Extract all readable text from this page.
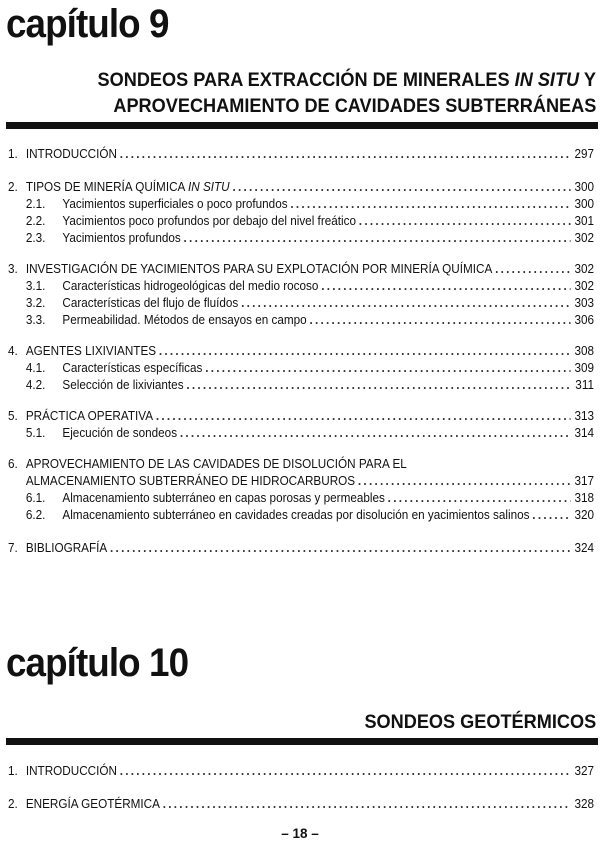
capítulo 9
SONDEOS PARA EXTRACCIÓN DE MINERALES IN SITU Y
APROVECHAMIENTO DE CAVIDADES SUBTERRÁNEAS
1. INTRODUCCIÓN .....	297
2. TIPOS DE MINERÍA QUÍMICA IN SITU .....	300
2.1.	Yacimientos superficiales o poco profundos .....	300
2.2.	Yacimientos poco profundos por debajo del nivel freático .....	301
2.3.	Yacimientos profundos .....	302
3. INVESTIGACIÓN DE YACIMIENTOS PARA SU EXPLOTACIÓN POR MINERÍA QUÍMICA .....	302
3.1.	Características hidrogeológicas del medio rocoso .....	302
3.2.	Características del flujo de fluídos .....	303
3.3.	Permeabilidad. Métodos de ensayos en campo .....	306
4. AGENTES LIXIVIANTES .....	308
4.1.	Características específicas .....	309
4.2.	Selección de lixiviantes .....	311
5. PRÁCTICA OPERATIVA .....	313
5.1.	Ejecución de sondeos .....	314
6. APROVECHAMIENTO DE LAS CAVIDADES DE DISOLUCIÓN PARA EL
ALMACENAMIENTO SUBTERRÁNEO DE HIDROCARBUROS .....	317
6.1.	Almacenamiento subterráneo en capas porosas y permeables .....	318
6.2.	Almacenamiento subterráneo en cavidades creadas por disolución en yacimientos salinos .....	320
7. BIBLIOGRAFÍA .....	324
capítulo 10
SONDEOS GEOTÉRMICOS
1. INTRODUCCIÓN .....	327
2. ENERGÍA GEOTÉRMICA .....	328
– 18 –
